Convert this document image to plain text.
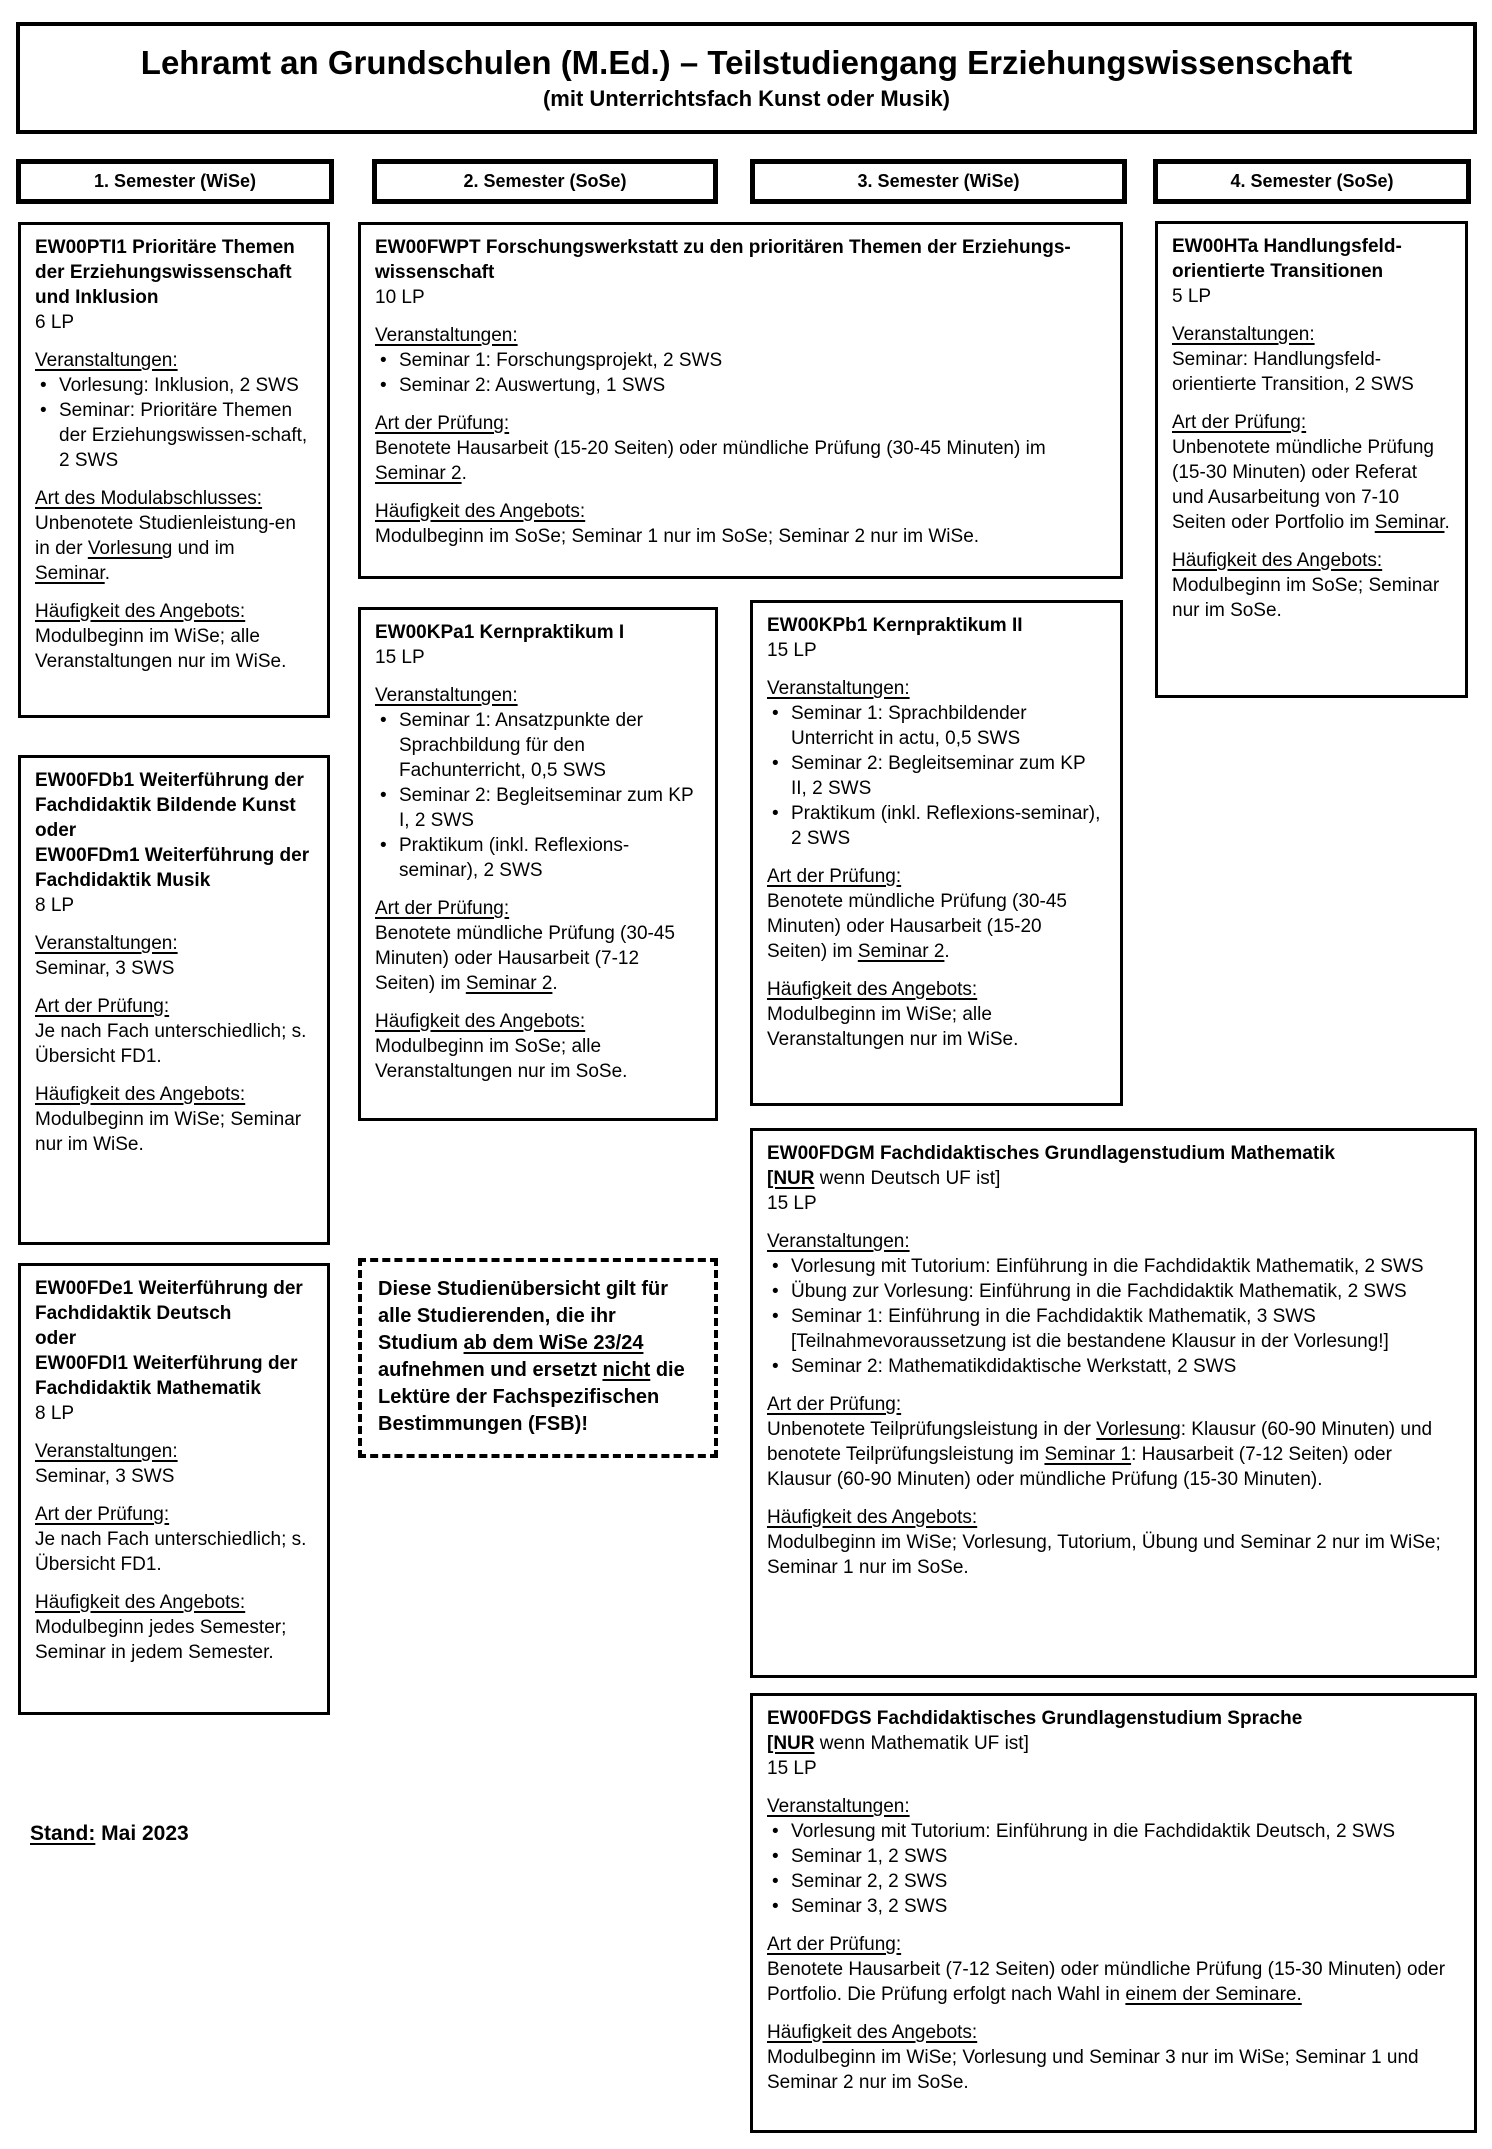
Lehramt an Grundschulen (M.Ed.) – Teilstudiengang Erziehungswissenschaft
(mit Unterrichtsfach Kunst oder Musik)
1. Semester (WiSe)	2. Semester (SoSe)	3. Semester (WiSe)	4. Semester (SoSe)

EW00PTI1 Prioritäre Themen der Erziehungswissenschaft und Inklusion

6 LP

Veranstaltungen:

• Vorlesung: Inklusion, 2 SWS
• Seminar: Prioritäre Themen der Erziehungswissen-schaft, 2 SWS

Art des Modulabschlusses:

Unbenotete Studienleistung-en in der Vorlesung und im Seminar.

Häufigkeit des Angebots:

Modulbeginn im WiSe; alle Veranstaltungen nur im WiSe.

EW00FWPT Forschungswerkstatt zu den prioritären Themen der Erziehungs-wissenschaft

10 LP

Veranstaltungen:

• Seminar 1: Forschungsprojekt, 2 SWS
• Seminar 2: Auswertung, 1 SWS

Art der Prüfung:

Benotete Hausarbeit (15-20 Seiten) oder mündliche Prüfung (30-45 Minuten) im Seminar 2.

Häufigkeit des Angebots:

Modulbeginn im SoSe; Seminar 1 nur im SoSe; Seminar 2 nur im WiSe.

EW00HTa Handlungsfeld-orientierte Transitionen

5 LP

Veranstaltungen:

Seminar: Handlungsfeld-orientierte Transition, 2 SWS

Art der Prüfung:

Unbenotete mündliche Prüfung (15-30 Minuten) oder Referat und Ausarbeitung von 7-10 Seiten oder Portfolio im Seminar.

Häufigkeit des Angebots:

Modulbeginn im SoSe; Seminar nur im SoSe.

EW00KPa1 Kernpraktikum I

15 LP

Veranstaltungen:

• Seminar 1: Ansatzpunkte der Sprachbildung für den Fachunterricht, 0,5 SWS
• Seminar 2: Begleitseminar zum KP I, 2 SWS
• Praktikum (inkl. Reflexions-seminar), 2 SWS

Art der Prüfung:

Benotete mündliche Prüfung (30-45 Minuten) oder Hausarbeit (7-12 Seiten) im Seminar 2.

Häufigkeit des Angebots:

Modulbeginn im SoSe; alle Veranstaltungen nur im SoSe.

EW00KPb1 Kernpraktikum II

15 LP

Veranstaltungen:

• Seminar 1: Sprachbildender Unterricht in actu, 0,5 SWS
• Seminar 2: Begleitseminar zum KP II, 2 SWS
• Praktikum (inkl. Reflexions-seminar), 2 SWS

Art der Prüfung:

Benotete mündliche Prüfung (30-45 Minuten) oder Hausarbeit (15-20 Seiten) im Seminar 2.

Häufigkeit des Angebots:

Modulbeginn im WiSe; alle Veranstaltungen nur im WiSe.

EW00FDb1 Weiterführung der Fachdidaktik Bildende Kunst

oder

EW00FDm1 Weiterführung der Fachdidaktik Musik

8 LP

Veranstaltungen:

Seminar, 3 SWS

Art der Prüfung:

Je nach Fach unterschiedlich; s. Übersicht FD1.

Häufigkeit des Angebots:

Modulbeginn im WiSe; Seminar nur im WiSe.	EW00FDGM Fachdidaktisches Grundlagenstudium Mathematik

[NUR wenn Deutsch UF ist]

15 LP

Veranstaltungen:

• Vorlesung mit Tutorium: Einführung in die Fachdidaktik Mathematik, 2 SWS
• Übung zur Vorlesung: Einführung in die Fachdidaktik Mathematik, 2 SWS
• Seminar 1: Einführung in die Fachdidaktik Mathematik, 3 SWS [Teilnahmevoraussetzung ist die bestandene Klausur in der Vorlesung!]
• Seminar 2: Mathematikdidaktische Werkstatt, 2 SWS

Art der Prüfung:

Unbenotete Teilprüfungsleistung in der Vorlesung: Klausur (60-90 Minuten) und benotete Teilprüfungsleistung im Seminar 1: Hausarbeit (7-12 Seiten) oder Klausur (60-90 Minuten) oder mündliche Prüfung (15-30 Minuten).

Häufigkeit des Angebots:

Modulbeginn im WiSe; Vorlesung, Tutorium, Übung und Seminar 2 nur im WiSe; Seminar 1 nur im SoSe.

EW00FDe1 Weiterführung der Fachdidaktik Deutsch

oder

EW00FDl1 Weiterführung der Fachdidaktik Mathematik

8 LP

Veranstaltungen:

Seminar, 3 SWS

Art der Prüfung:

Je nach Fach unterschiedlich; s. Übersicht FD1.

Häufigkeit des Angebots:

Modulbeginn jedes Semester; Seminar in jedem Semester.

Diese Studienübersicht gilt für alle Studierenden, die ihr Studium ab dem WiSe 23/24 aufnehmen und ersetzt nicht die Lektüre der Fachspezifischen Bestimmungen (FSB)!

EW00FDGS Fachdidaktisches Grundlagenstudium Sprache

[NUR wenn Mathematik UF ist]

15 LP

Veranstaltungen:

• Vorlesung mit Tutorium: Einführung in die Fachdidaktik Deutsch, 2 SWS
• Seminar 1, 2 SWS
• Seminar 2, 2 SWS
• Seminar 3, 2 SWS

Art der Prüfung:

Benotete Hausarbeit (7-12 Seiten) oder mündliche Prüfung (15-30 Minuten) oder Portfolio. Die Prüfung erfolgt nach Wahl in einem der Seminare.

Häufigkeit des Angebots:

Modulbeginn im WiSe; Vorlesung und Seminar 3 nur im WiSe; Seminar 1 und Seminar 2 nur im SoSe.

Stand: Mai 2023
